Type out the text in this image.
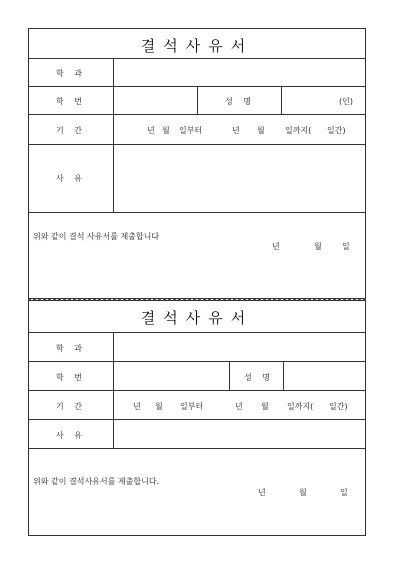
결석사유서
학 과
학 번	성 명	(인)
기 간	년 월 일부터	년 월	일까지( 일간)
사 유
위와 같이 결석 사유서를 제출합니다
년	월	일
결석사유서
학 과
학 번	성 명
기 간	년 월 일부터	년 월 일까지( 일간)
사 유
위와 같이 결석사유서를 제출합니다.
년	월	일
